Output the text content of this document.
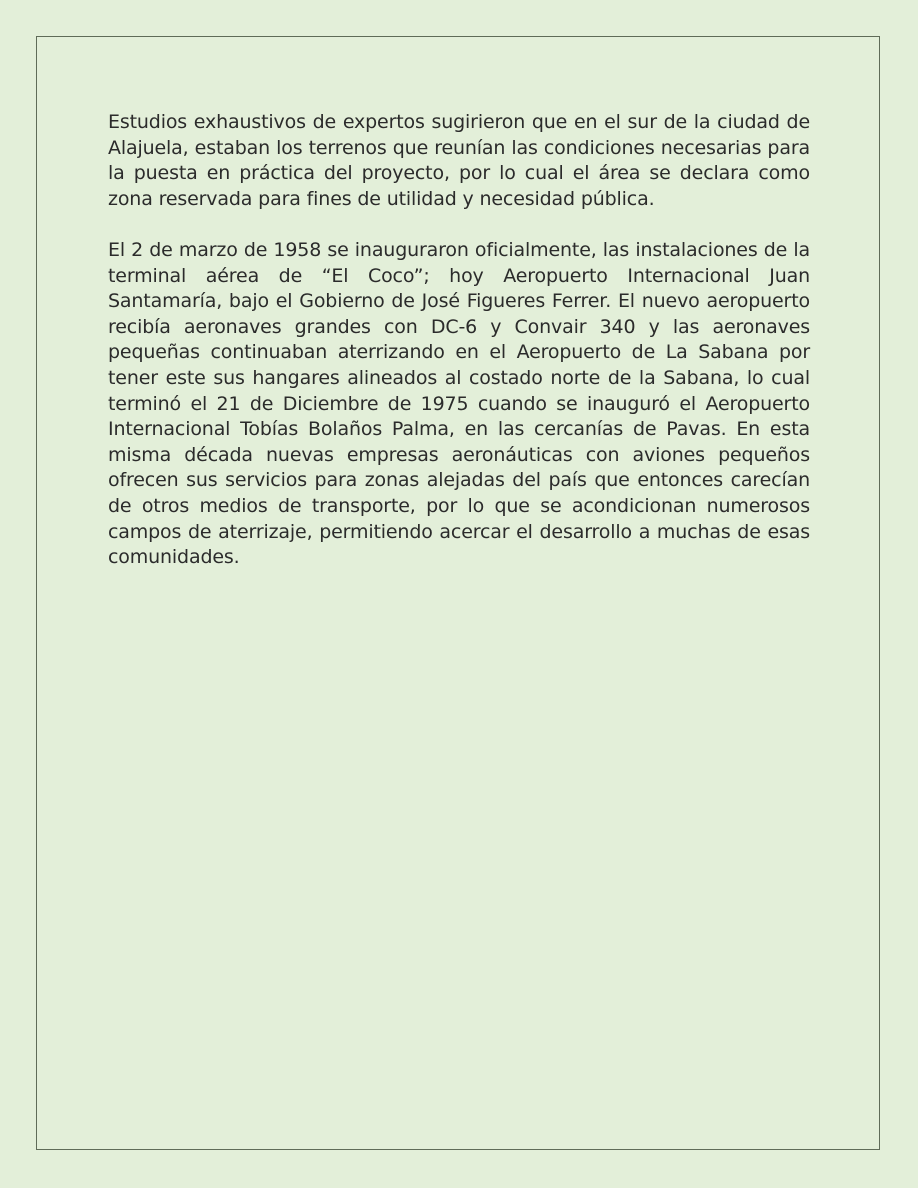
Estudios exhaustivos de expertos sugirieron que en el sur de la ciudad de Alajuela, estaban los terrenos que reunían las condiciones necesarias para la puesta en práctica del proyecto, por lo cual el área se declara como zona reservada para fines de utilidad y necesidad pública.

El 2 de marzo de 1958 se inauguraron oficialmente, las instalaciones de la terminal aérea de “El Coco”; hoy Aeropuerto Internacional Juan Santamaría, bajo el Gobierno de José Figueres Ferrer. El nuevo aeropuerto recibía aeronaves grandes con DC-6 y Convair 340 y las aeronaves pequeñas continuaban aterrizando en el Aeropuerto de La Sabana por tener este sus hangares alineados al costado norte de la Sabana, lo cual terminó el 21 de Diciembre de 1975 cuando se inauguró el Aeropuerto Internacional Tobías Bolaños Palma, en las cercanías de Pavas. En esta misma década nuevas empresas aeronáuticas con aviones pequeños ofrecen sus servicios para zonas alejadas del país que entonces carecían de otros medios de transporte, por lo que se acondicionan numerosos campos de aterrizaje, permitiendo acercar el desarrollo a muchas de esas comunidades.
